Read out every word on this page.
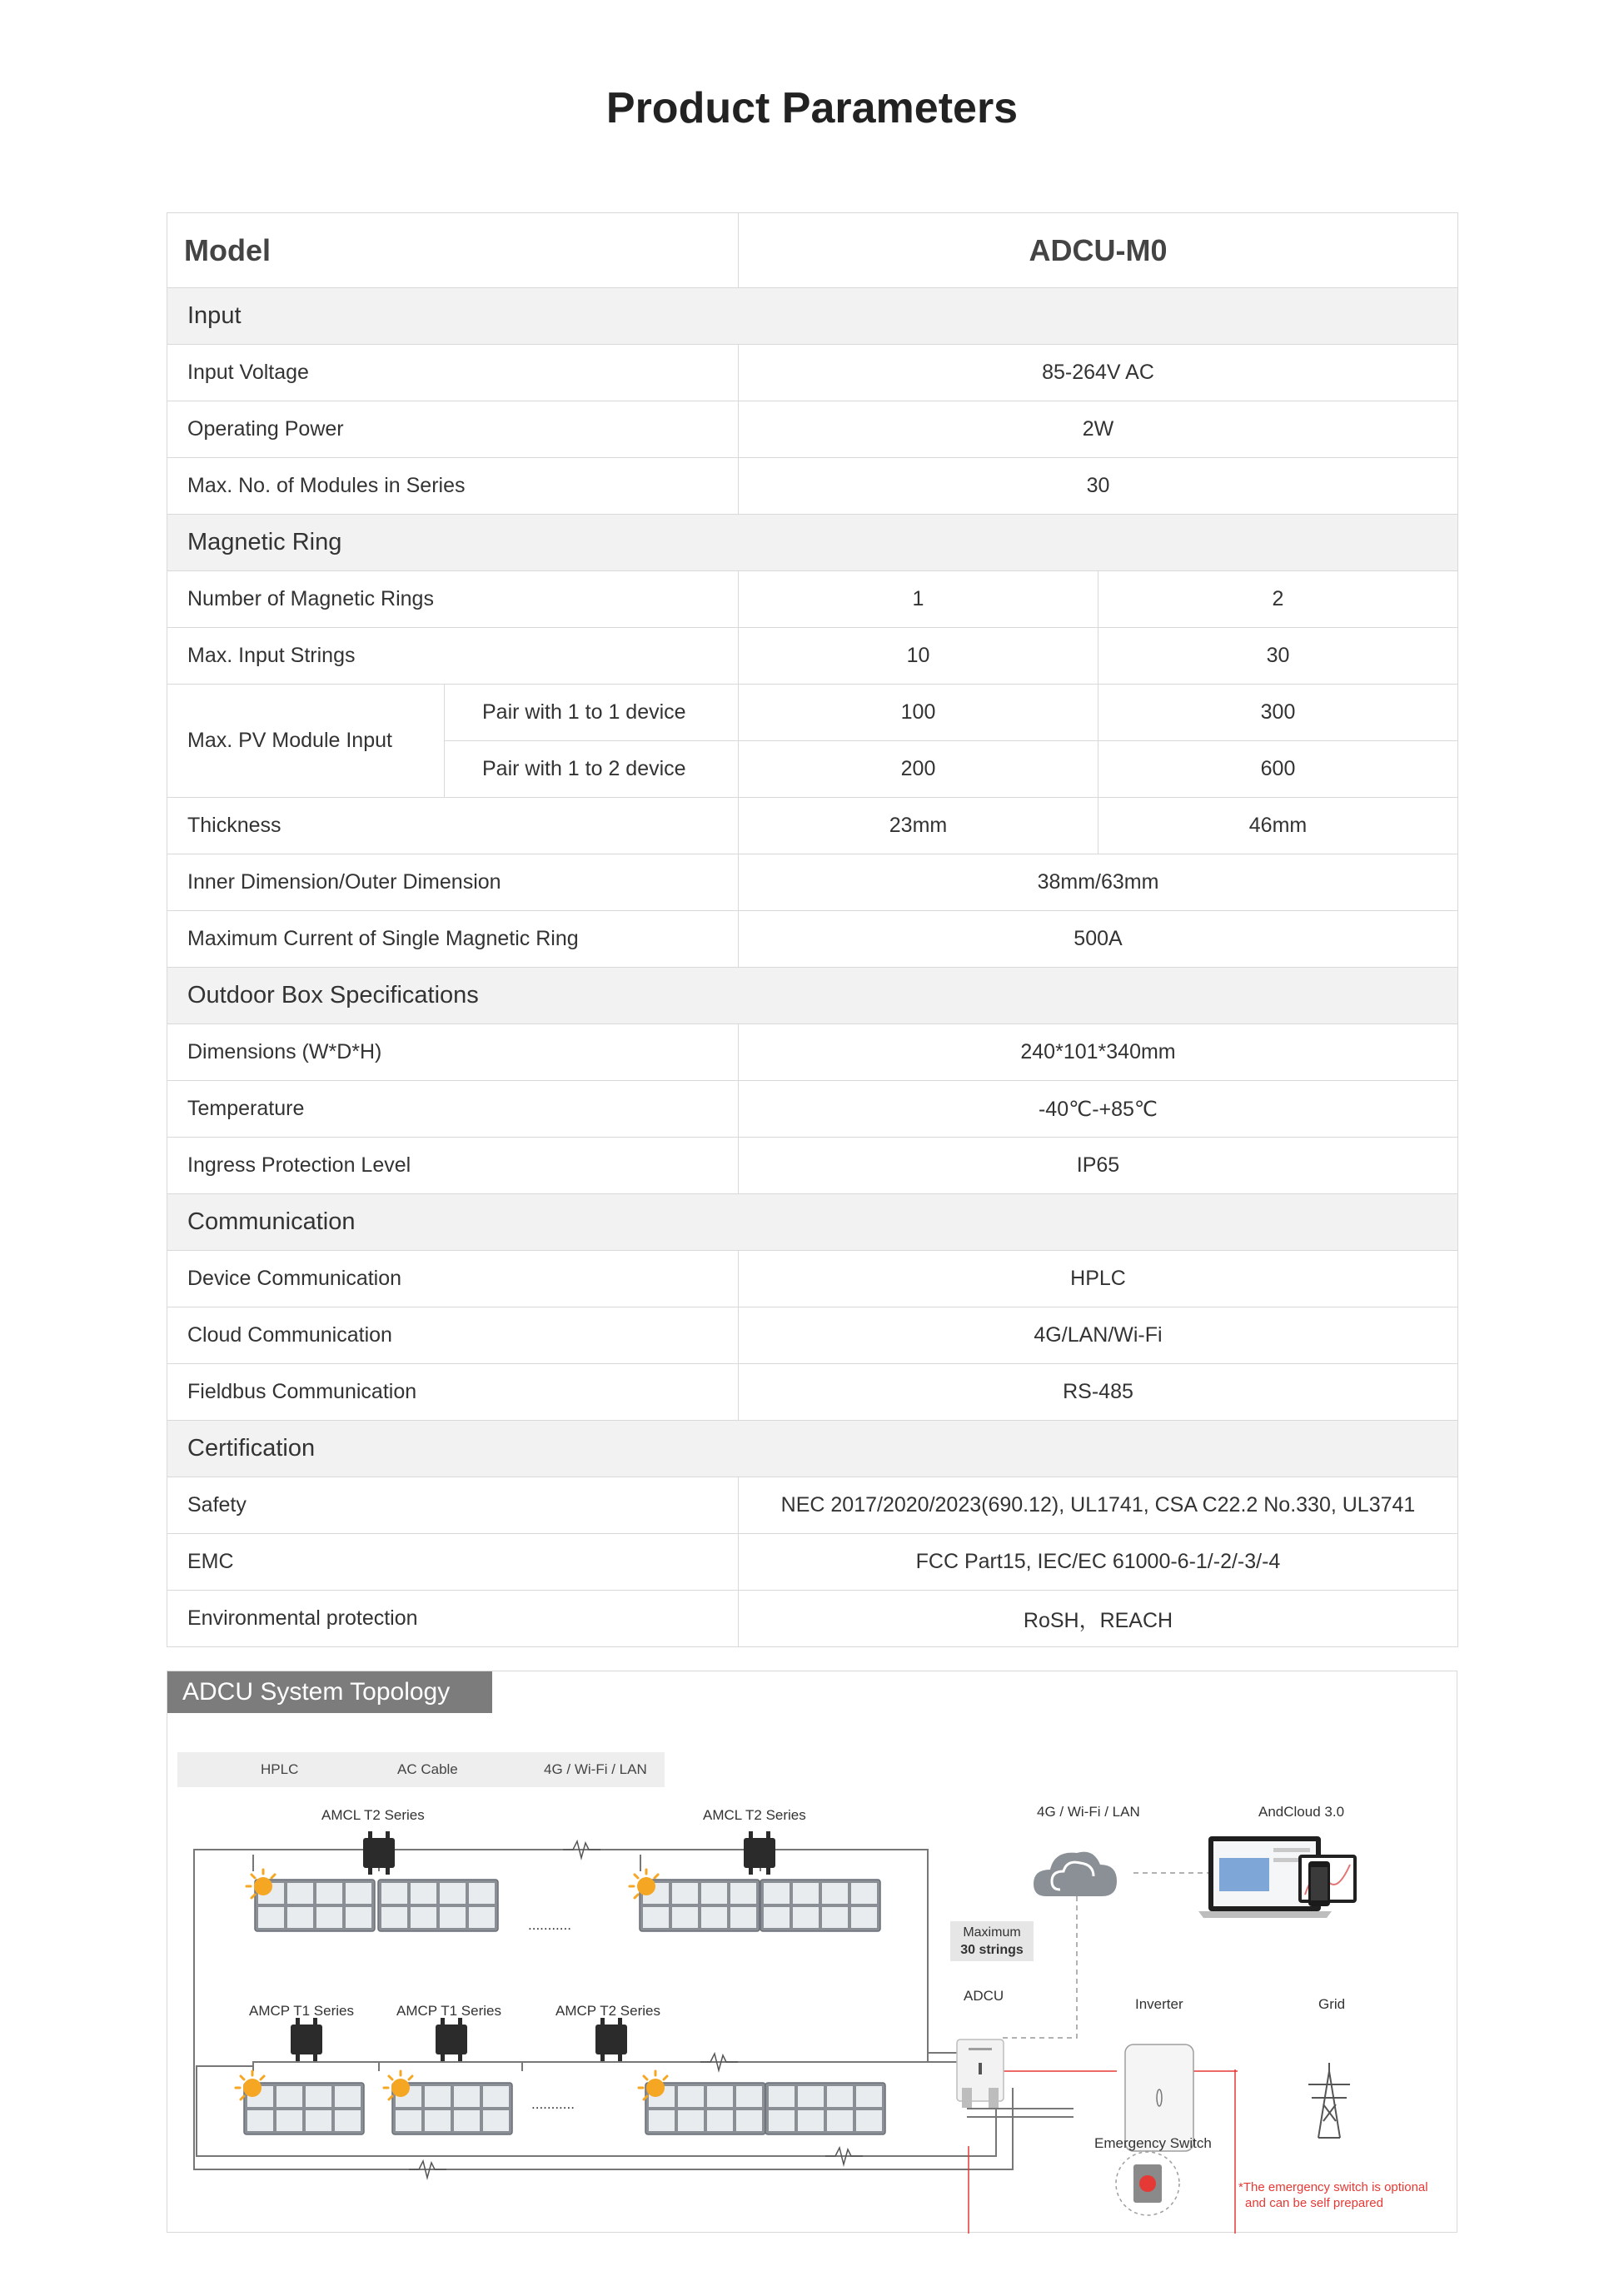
Product Parameters
Model		ADCU-M0	
Input			
Input Voltage		85-264V AC	
Operating Power		2W	
Max. No. of Modules in Series		30	
Magnetic Ring			
Number of Magnetic Rings		1	2
Max. Input Strings		10	30
Max. PV Module Input	Pair with 1 to 1 device	100	300
	Pair with 1 to 2 device	200	600
Thickness		23mm	46mm
Inner Dimension/Outer Dimension		38mm/63mm	
Maximum Current of Single Magnetic Ring		500A	
Outdoor Box Specifications			
Dimensions (W*D*H)		240*101*340mm	
Temperature		-40℃-+85℃	
Ingress Protection Level		IP65	
Communication			
Device Communication		HPLC	
Cloud Communication		4G/LAN/Wi-Fi	
Fieldbus Communication		RS-485	
Certification			
Safety		NEC 2017/2020/2023(690.12), UL1741, CSA C22.2 No.330, UL3741	
EMC		FCC Part15, IEC/EC 61000-6-1/-2/-3/-4	
Environmental protection		RoSH，REACH	
ADCU System Topology
HPLC	AC Cable	4G / Wi-Fi / LAN
AMCL T2 Series	AMCL T2 Series
AMCP T1 Series	AMCP T1 Series	AMCP T2 Series
...........
...........
4G / Wi-Fi / LAN	AndCloud 3.0
Maximum
30 strings
ADCU
Inverter	Grid
Emergency Switch
*The emergency switch is optional
and can be self prepared
